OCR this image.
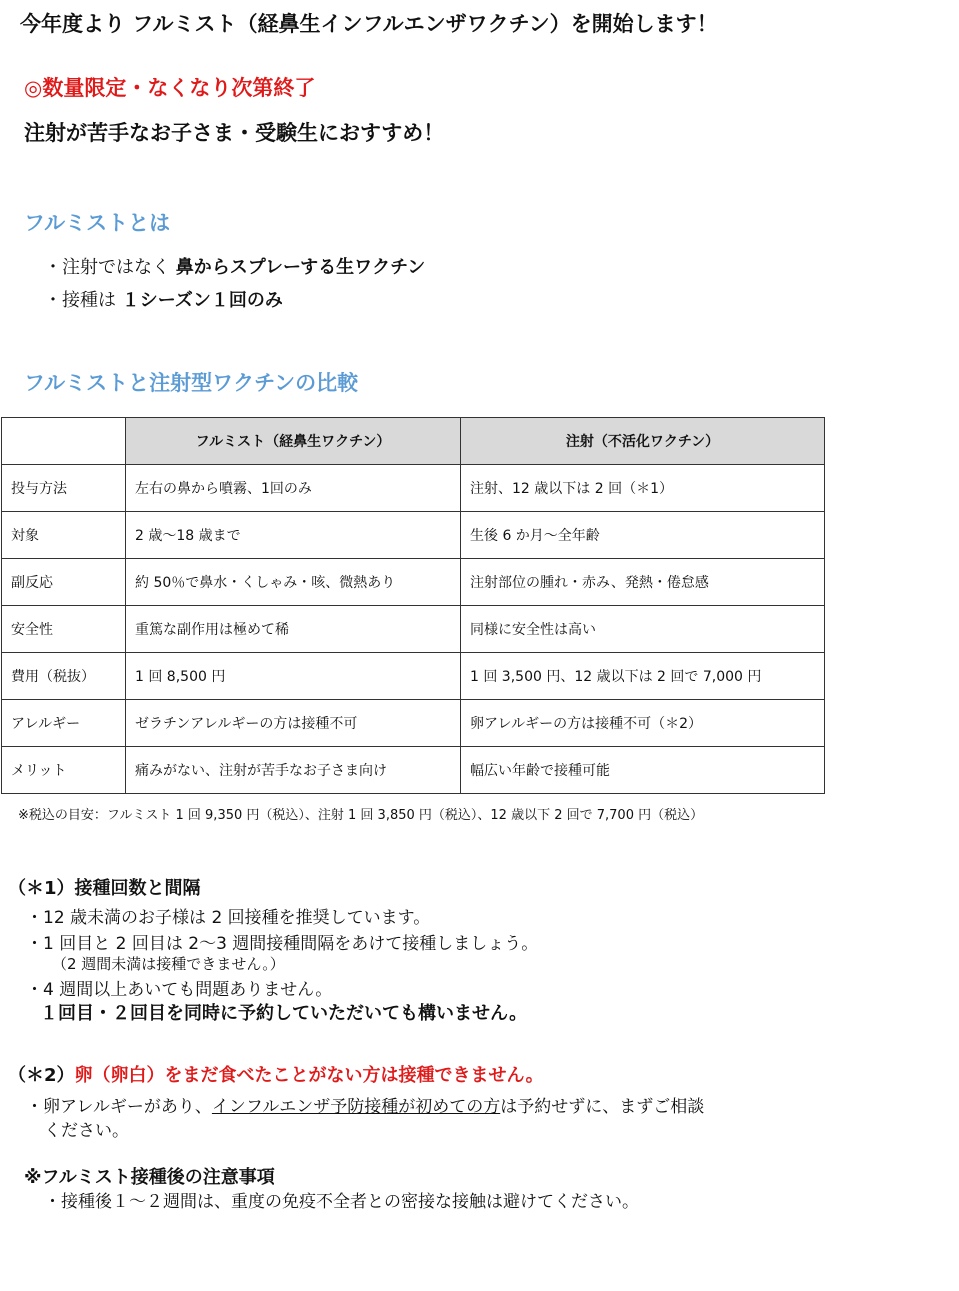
今年度より フルミスト（経鼻生インフルエンザワクチン）を開始します！
◎数量限定・なくなり次第終了
注射が苦手なお子さま・受験生におすすめ！
フルミストとは
・注射ではなく 鼻からスプレーする生ワクチン
・接種は １シーズン１回のみ
フルミストと注射型ワクチンの比較
	フルミスト（経鼻生ワクチン）	注射（不活化ワクチン）
投与方法	左右の鼻から噴霧、1回のみ	注射、12 歳以下は 2 回（＊1）
対象	2 歳～18 歳まで	生後 6 か月～全年齢
副反応	約 50％で鼻水・くしゃみ・咳、微熱あり	注射部位の腫れ・赤み、発熱・倦怠感
安全性	重篤な副作用は極めて稀	同様に安全性は高い
費用（税抜）	1 回 8,500 円	1 回 3,500 円、12 歳以下は 2 回で 7,000 円
アレルギー	ゼラチンアレルギーの方は接種不可	卵アレルギーの方は接種不可（＊2）
メリット	痛みがない、注射が苦手なお子さま向け	幅広い年齢で接種可能
※税込の目安：フルミスト 1 回 9,350 円（税込）、注射 1 回 3,850 円（税込）、12 歳以下 2 回で 7,700 円（税込）
（＊1）接種回数と間隔
・12 歳未満のお子様は 2 回接種を推奨しています。
・1 回目と 2 回目は 2～3 週間接種間隔をあけて接種しましょう。
（2 週間未満は接種できません。）
・4 週間以上あいても問題ありません。
１回目・２回目を同時に予約していただいても構いません。
（＊2）卵（卵白）をまだ食べたことがない方は接種できません。
・卵アレルギーがあり、インフルエンザ予防接種が初めての方は予約せずに、まずご相談
ください。
※フルミスト接種後の注意事項
・接種後１～２週間は、重度の免疫不全者との密接な接触は避けてください。
